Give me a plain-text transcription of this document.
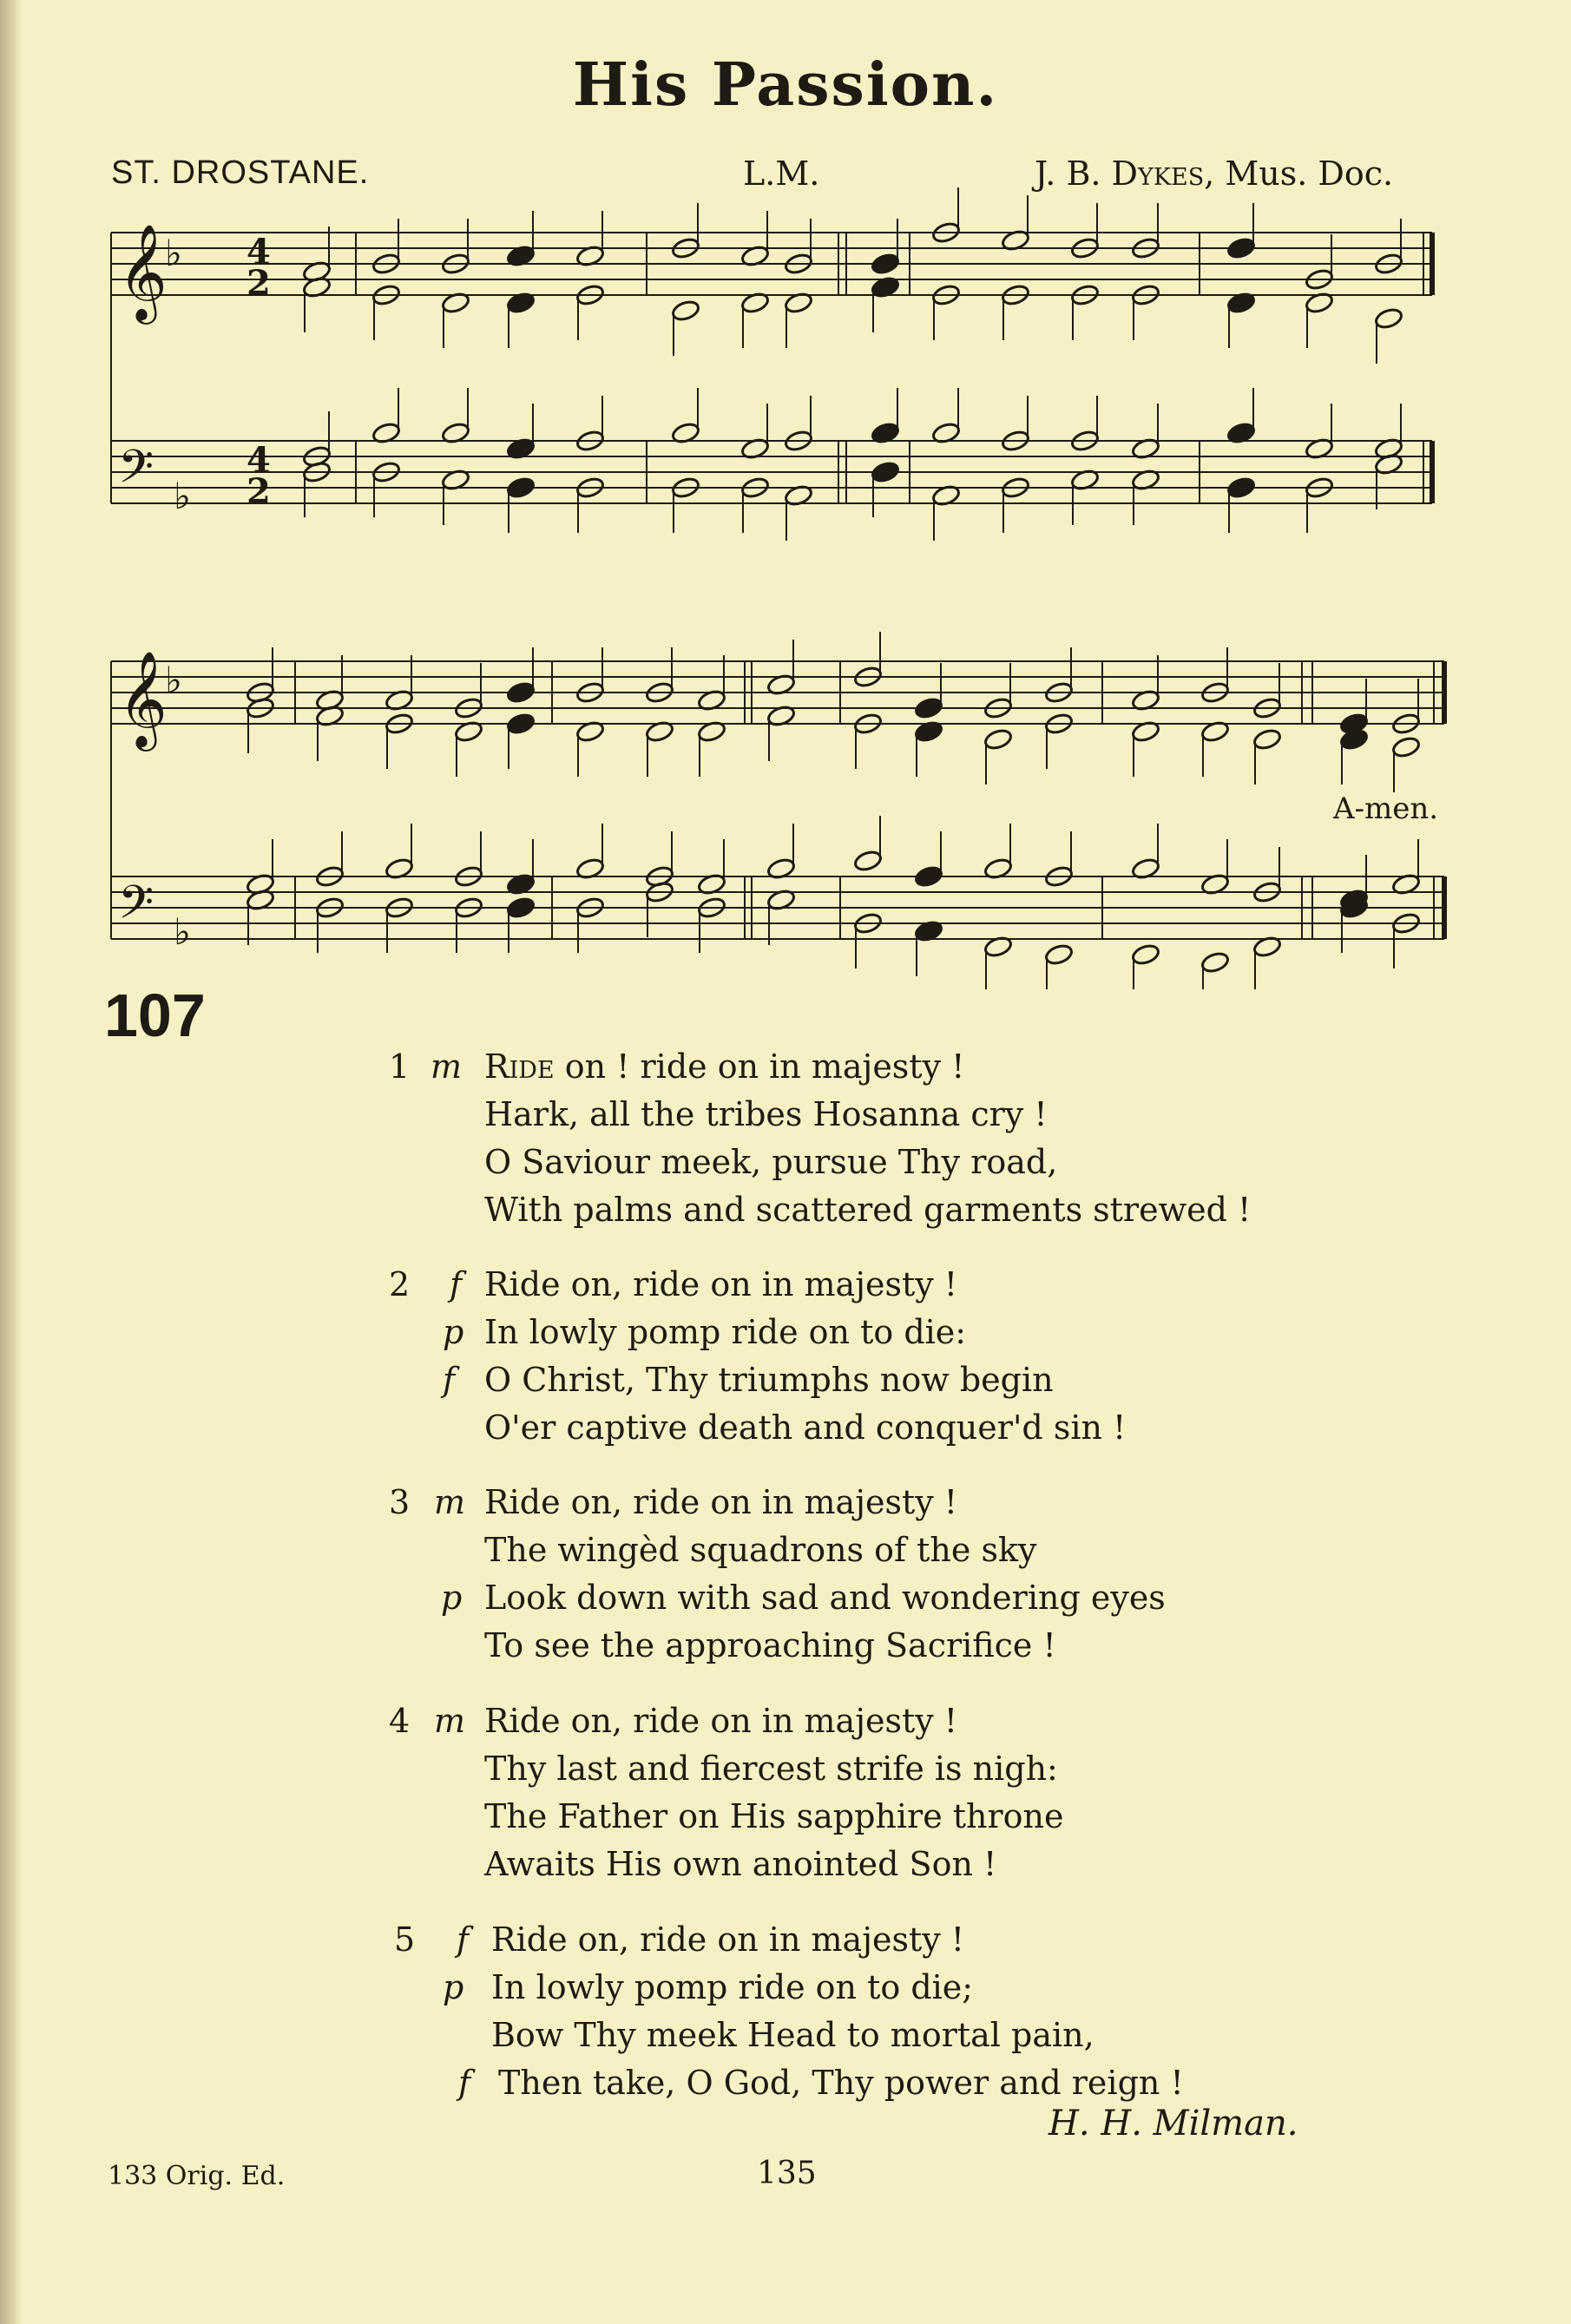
His Passion.
ST. DROSTANE.	L.M.	J. B. Dykes, Mus. Doc.
𝄞
♭
𝄢 ♭
𝄞
♭
𝄢 ♭
4
2
4
2
A-men.
107
1 m Ride on ! ride on in majesty !
Hark, all the tribes Hosanna cry !
O Saviour meek, pursue Thy road,
With palms and scattered garments strewed !
2 f Ride on, ride on in majesty !
p In lowly pomp ride on to die:
f O Christ, Thy triumphs now begin
O'er captive death and conquer'd sin !
3 m Ride on, ride on in majesty !
The wingèd squadrons of the sky
p Look down with sad and wondering eyes
To see the approaching Sacrifice !
4 m Ride on, ride on in majesty !
Thy last and fiercest strife is nigh:
The Father on His sapphire throne
Awaits His own anointed Son !
5 f Ride on, ride on in majesty !
p In lowly pomp ride on to die;
Bow Thy meek Head to mortal pain,
f Then take, O God, Thy power and reign !
H. H. Milman.
133 Orig. Ed.	135
